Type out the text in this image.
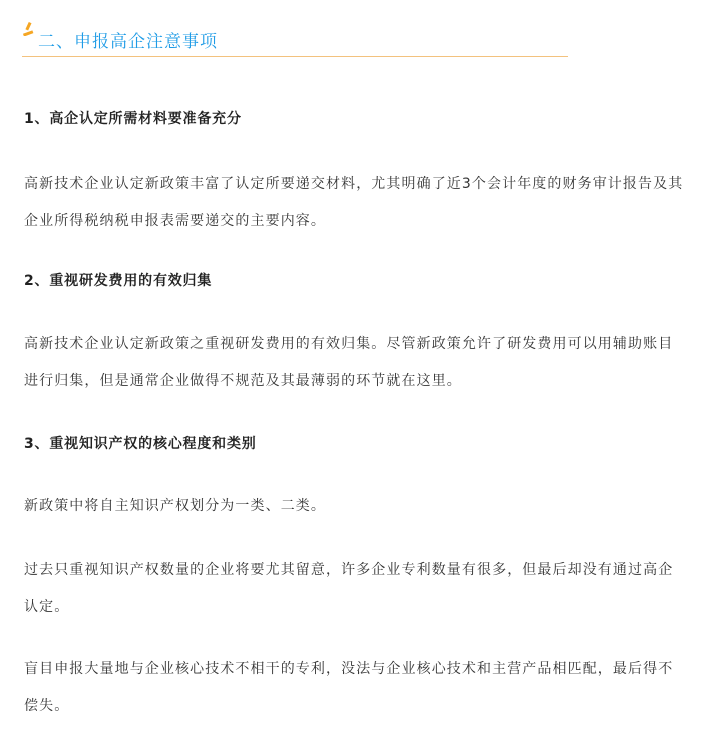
二、申报高企注意事项
1、高企认定所需材料要准备充分

高新技术企业认定新政策丰富了认定所要递交材料，尤其明确了近3个会计年度的财务审计报告及其企业所得税纳税申报表需要递交的主要内容。

2、重视研发费用的有效归集

高新技术企业认定新政策之重视研发费用的有效归集。尽管新政策允许了研发费用可以用辅助账目进行归集，但是通常企业做得不规范及其最薄弱的环节就在这里。

3、重视知识产权的核心程度和类别

新政策中将自主知识产权划分为一类、二类。

过去只重视知识产权数量的企业将要尤其留意，许多企业专利数量有很多，但最后却没有通过高企认定。

盲目申报大量地与企业核心技术不相干的专利，没法与企业核心技术和主营产品相匹配，最后得不偿失。
